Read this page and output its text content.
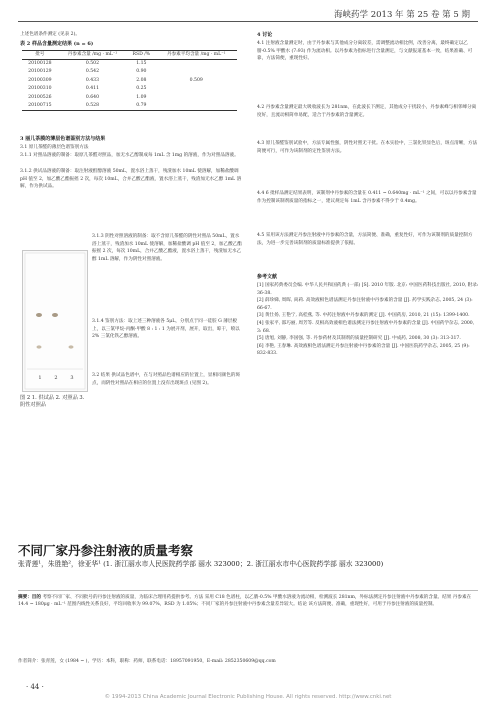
海峡药学 2013 年 第 25 卷 第 5 期
上述色谱条件测定 (见表 2)。
表 2 样品含量测定结果 (n = 6)
批号	丹参素含量 /mg · mL⁻¹	RSD /%	丹参素平均含量 /mg · mL⁻¹
20100128	0.502	1.15	
20100129	0.542	0.90	
20100309	0.433	2.08	0.509
20100310	0.411	0.25	
20100526	0.640	1.09	
20100715	0.528	0.79	
3 丽儿茶膜的薄层色谱鉴别方法与结果
3.1 原儿茶醛的薄层色谱鉴别方法
3.1.1 对照品溶液的制备：取原儿茶醛对照品，加无水乙醇制成每 1mL 含 1mg 的溶液，作为对照品溶液。
3.1.2 供试品溶液的制备：取注射液酊醇溶液 50mL，置水浴上蒸干，残渣加水 10mL 使溶解，加稀盐酸调 pH 值至 2，加乙酸乙酯振摇 2 次，每次 10mL，合并乙酸乙酯液，置水浴上蒸干，残渣加无水乙醇 1mL 溶解，作为供试品。
3.1.3 阴性对照溶液的制备：取不含原儿茶醛的阴性对照品 50mL，置水浴上蒸干，残渣加水 10mL 使溶解，加稀盐酸调 pH 值至 2，加乙酸乙酯振摇 2 次，每次 10mL，合并乙酸乙酯液，置水浴上蒸干，残渣加无水乙醇 1mL 溶解，作为阴性对照溶液。
3.1.4 鉴别方法：取上述三种溶液各 5μL，分别点于同一硅胶 G 薄层板上，以三氯甲烷-丙酮-甲酸 8 : 1 : 1 为展开剂，展开，取出，晾干，喷以 2% 三氯化铁乙醇溶液。
3.2 结果 供试品色谱中，在与对照品色谱相应的位置上，显相同颜色的斑点，而阴性对照品在相应的位置上没有出现斑点 (见图 2)。
1	2	3
图 2 1. 供试品 2. 对照品 3. 阴性对照品
4 讨论
4.1 注射液含量测定时，由于丹参素与其他成分分离较差，需调整流动相比例，改善分离，最终确定以乙腈-0.5% 甲酸水 (7:93) 作为流动相。以丹参素为指标进行含量测定，与文献报道基本一致，结果准确、可靠，方法简便，重现性好。
4.2 丹参素含量测定最大吸收波长为 281nm，在此波长下测定，其他成分干扰较小，丹参素峰与相邻峰分离度好，且流动相简单易配，适合于丹参素的含量测定。
4.3 原儿茶醛鉴别试验中，方法专属性强，阴性对照无干扰。在本实验中，三氯化铁显色后，斑点清晰，方法简便可行，可作为该制剂的定性鉴别方法。
4.4 6 批样品测定结果表明，该制剂中丹参素的含量在 0.411 ~ 0.640mg · mL⁻¹ 之间，可以以丹参素含量作为控制该制剂质量的指标之一，建议规定每 1mL 含丹参素不得少于 0.4mg。
4.5 采用该方法测定丹参注射液中丹参素的含量，方法简便、准确，重复性好，可作为该制剂的质量控制方法，为进一步完善该制剂的质量标准提供了依据。
参考文献

[1] 国家药典委员会编. 中华人民共和国药典 (一部) [S]. 2010 年版. 北京: 中国医药科技出版社, 2010, 附录: 36-38.

[2] 薛珍娣, 周晖, 尚莉. 高效液相色谱法测定丹参注射液中丹参素的含量 [J]. 药学实践杂志, 2005, 24 (3): 66-67.

[3] 黄仕扬, 王艳宁, 高桂燕, 等. 中药注射液中丹参素的测定 [J]. 中国药房, 2010, 21 (15): 1399-1400.

[4] 张家平, 邵巧丽, 周芳等. 反相高效液相色谱法测定丹参注射液中丹参素的含量 [J]. 中国药学杂志, 2000, 3: 68.

[5] 唐旭, 刘静, 李国强, 等. 丹参药材及其制剂的质量控制研究 [J]. 中成药, 2008, 30 (3): 313-317.

[6] 李艳, 王春琳. 高效液相色谱法测定丹参注射液中丹参素的含量 [J]. 中国医院药学杂志, 2005, 25 (9): 832-833.

不同厂家丹参注射液的质量考察
张青莲¹，朱胜艳²，徐亚华¹ (1. 浙江丽水市人民医院药学部 丽水 323000；2. 浙江丽水市中心医院药学部 丽水 323000)
摘要：目的 考察不同厂家、不同批号的丹参注射液的质量，为临床合理用药提供参考。方法 采用 C18 色谱柱，以乙腈-0.5% 甲酸水溶液为流动相，检测波长 281nm，外标法测定丹参注射液中丹参素的含量。结果 丹参素在 14.4 ~ 180μg · mL⁻¹ 范围内线性关系良好，平均回收率为 99.07%，RSD 为 1.05%；不同厂家的丹参注射液中丹参素含量差异较大。结论 该方法简便、准确，重现性好，可用于丹参注射液的质量控制。
作者简介：张青莲，女 (1984 ~ )，学历：本科，职称：药师，联系电话：18957091950，E-mail: 2852350609@qq.com
· 44 ·
© 1994-2013 China Academic Journal Electronic Publishing House. All rights reserved. http://www.cnki.net
